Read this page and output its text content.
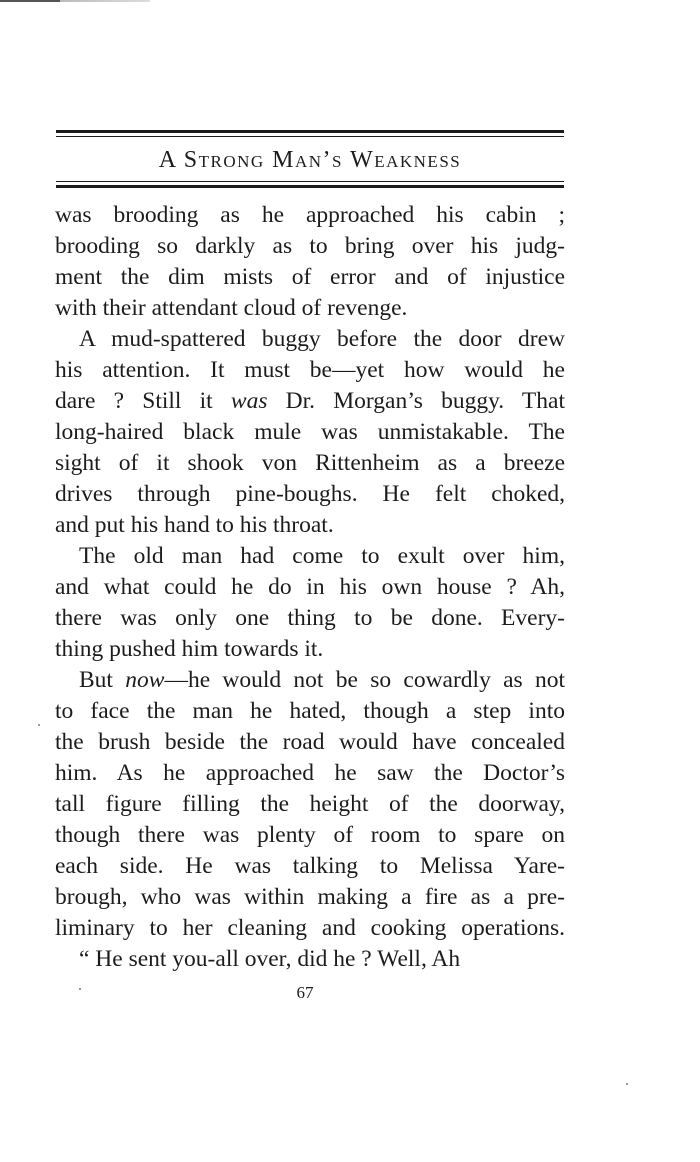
A Strong Man’s Weakness
was brooding as he approached his cabin ;
brooding so darkly as to bring over his judg-
ment the dim mists of error and of injustice
with their attendant cloud of revenge.
A mud-spattered buggy before the door drew
his attention. It must be—yet how would he
dare ? Still it was Dr. Morgan’s buggy. That
long-haired black mule was unmistakable. The
sight of it shook von Rittenheim as a breeze
drives through pine-boughs. He felt choked,
and put his hand to his throat.
The old man had come to exult over him,
and what could he do in his own house ? Ah,
there was only one thing to be done. Every-
thing pushed him towards it.
But now—he would not be so cowardly as not
to face the man he hated, though a step into
the brush beside the road would have concealed
him. As he approached he saw the Doctor’s
tall figure filling the height of the doorway,
though there was plenty of room to spare on
each side. He was talking to Melissa Yare-
brough, who was within making a fire as a pre-
liminary to her cleaning and cooking operations.
“ He sent you-all over, did he ? Well, Ah
67
